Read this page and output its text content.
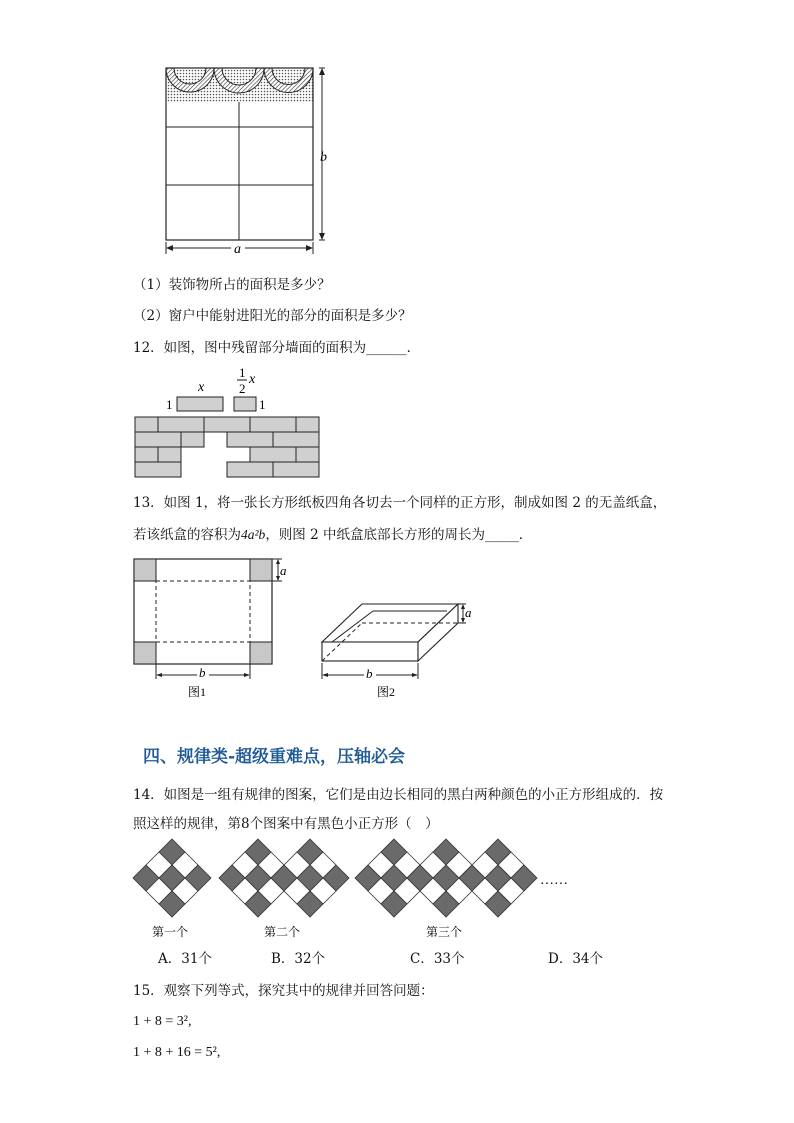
b
a
（1）装饰物所占的面积是多少？
（2）窗户中能射进阳光的部分的面积是多少？
12．如图，图中残留部分墙面的面积为______．
x
1
2
x
1	1
13．如图 1，将一张长方形纸板四角各切去一个同样的正方形，制成如图 2 的无盖纸盒，
若该纸盒的容积为4a²b，则图 2 中纸盒底部长方形的周长为_____．
a
b
图1
a
b
图2
四、规律类-超级重难点，压轴必会
14．如图是一组有规律的图案，它们是由边长相同的黑白两种颜色的小正方形组成的．按
照这样的规律，第8个图案中有黑色小正方形（　）
……
第一个	第二个	第三个
A．31个	B．32个	C．33个	D．34个
15．观察下列等式，探究其中的规律并回答问题：
1 + 8 = 3²,
1 + 8 + 16 = 5²,
